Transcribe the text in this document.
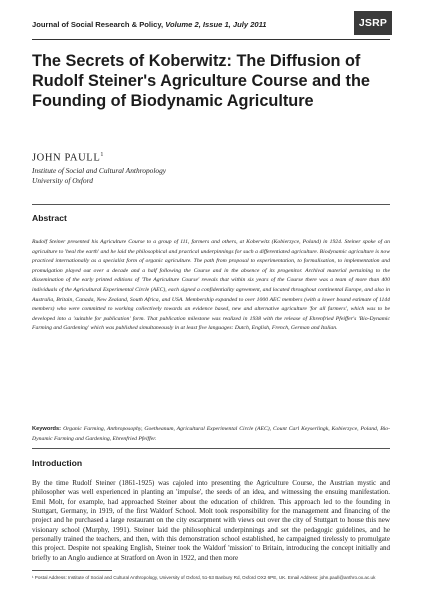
Journal of Social Research & Policy, Volume 2, Issue 1, July 2011	JSRP
The Secrets of Koberwitz: The Diffusion of Rudolf Steiner's Agriculture Course and the Founding of Biodynamic Agriculture
JOHN PAULL$^1$
Institute of Social and Cultural Anthropology
University of Oxford
Abstract

Rudolf Steiner presented his Agriculture Course to a group of 111, farmers and others, at Koberwitz (Kobierzyce, Poland) in 1924. Steiner spoke of an agriculture to 'heal the earth' and he laid the philosophical and practical underpinnings for such a differentiated agriculture. Biodynamic agriculture is now practiced internationally as a specialist form of organic agriculture. The path from proposal to experimentation, to formalisation, to implementation and promulgation played out over a decade and a half following the Course and in the absence of its progenitor. Archival material pertaining to the dissemination of the early printed editions of 'The Agriculture Course' reveals that within six years of the Course there was a team of more than 400 individuals of the Agricultural Experimental Circle (AEC), each signed a confidentiality agreement, and located throughout continental Europe, and also in Australia, Britain, Canada, New Zealand, South Africa, and USA. Membership expanded to over 1000 AEC members (with a lower bound estimate of 1144 members) who were committed to working collectively towards an evidence based, new and alternative agriculture 'for all farmers', which was to be developed into a 'suitable for publication' form. That publication milestone was realized in 1938 with the release of Ehrenfried Pfeiffer's 'Bio-Dynamic Farming and Gardening' which was published simultaneously in at least five languages: Dutch, English, French, German and Italian.

Keywords: Organic Farming, Anthroposophy, Goetheanum, Agricultural Experimental Circle (AEC), Count Carl Keyserlingk, Kobierzyce, Poland, Bio-Dynamic Farming and Gardening, Ehrenfried Pfeiffer.

Introduction

By the time Rudolf Steiner (1861-1925) was cajoled into presenting the Agriculture Course, the Austrian mystic and philosopher was well experienced in planting an 'impulse', the seeds of an idea, and witnessing the ensuing manifestation. Emil Molt, for example, had approached Steiner about the education of children. This approach led to the founding in Stuttgart, Germany, in 1919, of the first Waldorf School. Molt took responsibility for the management and financing of the project and he purchased a large restaurant on the city escarpment with views out over the city of Stuttgart to house this new visionary school (Murphy, 1991). Steiner laid the philosophical underpinnings and set the pedagogic guidelines, and he personally trained the teachers, and then, with this demonstration school established, he campaigned tirelessly to promulgate this project. Despite not speaking English, Steiner took the Waldorf 'mission' to Britain, introducing the concept initially and briefly to an Anglo audience at Stratford on Avon in 1922, and then more

¹ Postal Address: Institute of Social and Cultural Anthropology, University of Oxford, 51-53 Banbury Rd, Oxford OX2 6PE, UK. Email Address: john.paull@anthro.ox.ac.uk
